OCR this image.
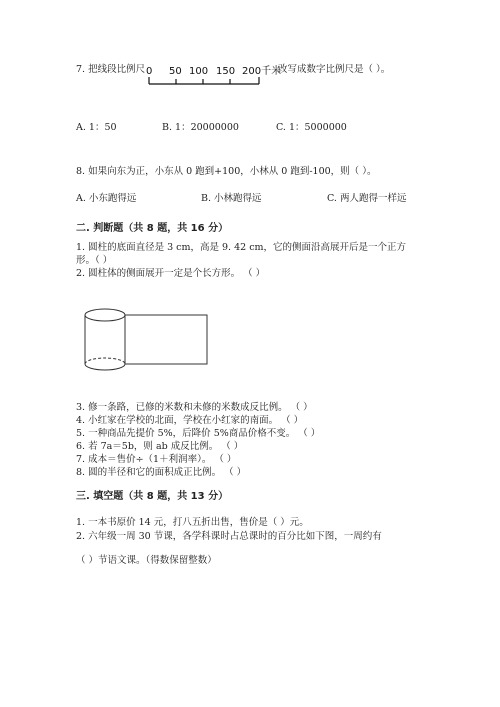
7. 把线段比例尺 0 50 100 150 200千米
改写成数字比例尺是（ ）。
A. 1：50	B. 1：20000000	C. 1：5000000
8. 如果向东为正，小东从 0 跑到+100，小林从 0 跑到-100，则（ ）。
A. 小东跑得远	B. 小林跑得远	C. 两人跑得一样远
二. 判断题（共 8 题，共 16 分）
1. 圆柱的底面直径是 3 cm，高是 9. 42 cm，它的侧面沿高展开后是一个正方
形。（ ）
2. 圆柱体的侧面展开一定是个长方形。 （ ）
3. 修一条路，已修的米数和未修的米数成反比例。 （ ）
4. 小红家在学校的北面，学校在小红家的南面。 （ ）
5. 一种商品先提价 5%，后降价 5%商品价格不变。 （ ）
6. 若 7a＝5b，则 ab 成反比例。 （ ）
7. 成本＝售价÷（1＋利润率）。 （ ）
8. 圆的半径和它的面积成正比例。 （ ）
三. 填空题（共 8 题，共 13 分）
1. 一本书原价 14 元，打八五折出售，售价是（ ）元。
2. 六年级一周 30 节课，各学科课时占总课时的百分比如下图，一周约有
（ ）节语文课。（得数保留整数）
